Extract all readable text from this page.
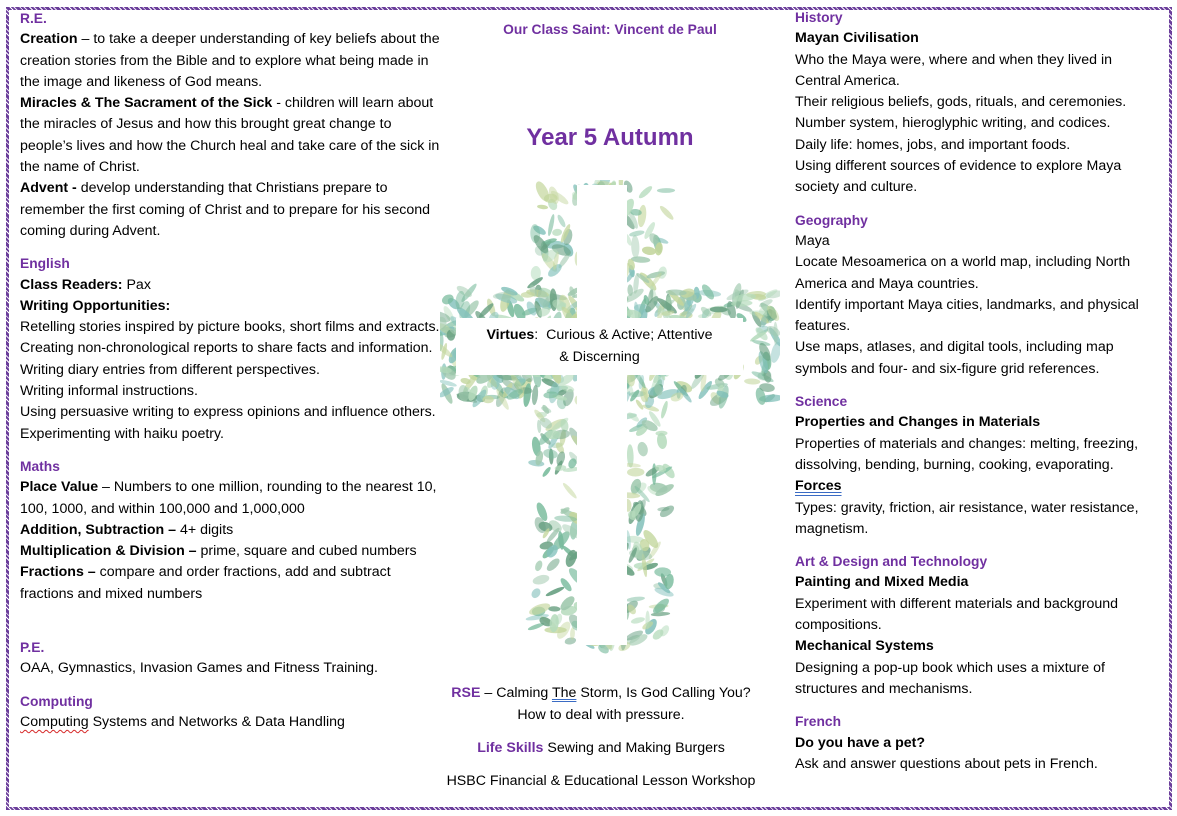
R.E.
Creation – to take a deeper understanding of key beliefs about the creation stories from the Bible and to explore what being made in the image and likeness of God means.
Miracles & The Sacrament of the Sick - children will learn about the miracles of Jesus and how this brought great change to people’s lives and how the Church heal and take care of the sick in the name of Christ.
Advent - develop understanding that Christians prepare to remember the first coming of Christ and to prepare for his second coming during Advent.
English
Class Readers: Pax
Writing Opportunities:
Retelling stories inspired by picture books, short films and extracts.
Creating non-chronological reports to share facts and information.
Writing diary entries from different perspectives.
Writing informal instructions.
Using persuasive writing to express opinions and influence others.
Experimenting with haiku poetry.
Maths
Place Value – Numbers to one million, rounding to the nearest 10, 100, 1000, and within 100,000 and 1,000,000
Addition, Subtraction – 4+ digits
Multiplication & Division – prime, square and cubed numbers
Fractions – compare and order fractions, add and subtract fractions and mixed numbers
P.E.
OAA, Gymnastics, Invasion Games and Fitness Training.
Computing
Computing Systems and Networks & Data Handling
Our Class Saint: Vincent de Paul
Year 5 Autumn
Virtues:  Curious & Active; Attentive
& Discerning
RSE – Calming The Storm, Is God Calling You?
How to deal with pressure.
Life Skills Sewing and Making Burgers
HSBC Financial & Educational Lesson Workshop
History
Mayan Civilisation
Who the Maya were, where and when they lived in Central America.
Their religious beliefs, gods, rituals, and ceremonies.
Number system, hieroglyphic writing, and codices.
Daily life: homes, jobs, and important foods.
Using different sources of evidence to explore Maya society and culture.
Geography
Maya
Locate Mesoamerica on a world map, including North America and Maya countries.
Identify important Maya cities, landmarks, and physical features.
Use maps, atlases, and digital tools, including map symbols and four- and six-figure grid references.
Science
Properties and Changes in Materials
Properties of materials and changes: melting, freezing, dissolving, bending, burning, cooking, evaporating.
Forces
Types: gravity, friction, air resistance, water resistance, magnetism.
Art & Design and Technology
Painting and Mixed Media
Experiment with different materials and background compositions.
Mechanical Systems
Designing a pop-up book which uses a mixture of structures and mechanisms.
French
Do you have a pet?
Ask and answer questions about pets in French.
